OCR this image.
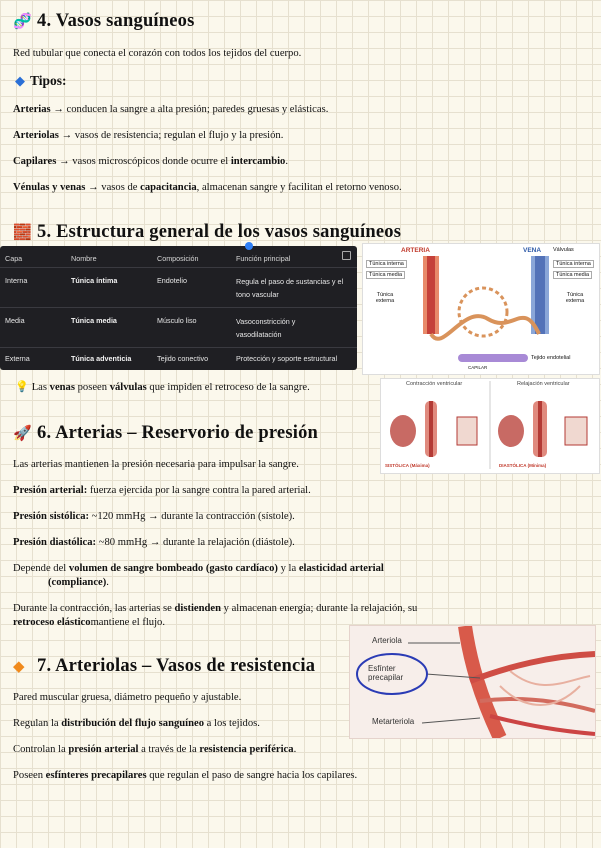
🧬 4. Vasos sanguíneos

Red tubular que conecta el corazón con todos los tejidos del cuerpo.

◆ Tipos:

Arterias → conducen la sangre a alta presión; paredes gruesas y elásticas.

Arteriolas → vasos de resistencia; regulan el flujo y la presión.

Capilares → vasos microscópicos donde ocurre el intercambio.

Vénulas y venas → vasos de capacitancia, almacenan sangre y facilitan el retorno venoso.

🧱 5. Estructura general de los vasos sanguíneos
Capa	Nombre	Composición	Función principal
Interna	Túnica íntima	Endotelio	Regula el paso de sustancias y el tono vascular
Media	Túnica media	Músculo liso	Vasoconstricción y vasodilatación
Externa	Túnica adventicia	Tejido conectivo	Protección y soporte estructural
ARTERIA	VENA Válvulas
Túnica interna
Túnica media
Túnica externa
Túnica interna
Túnica media
Túnica externa
CAPILAR
Tejido endotelial

💡 Las venas poseen válvulas que impiden el retroceso de la sangre.	Contracción ventricular	Relajación ventricular
SISTÓLICA (Máxima)	DIASTÓLICA (Mínima)
🚀 6. Arterias – Reservorio de presión

Las arterias mantienen la presión necesaria para impulsar la sangre.

Presión arterial: fuerza ejercida por la sangre contra la pared arterial.

Presión sistólica: ~120 mmHg → durante la contracción (sístole).

Presión diastólica: ~80 mmHg → durante la relajación (diástole).

Depende del volumen de sangre bombeado (gasto cardíaco) y la elasticidad arterial
(compliance).

Durante la contracción, las arterias se distienden y almacenan energía; durante la relajación, su
retroceso elásticomantiene el flujo.

Arteriola
Esfínter precapilar
Metarteriola
◆ 7. Arteriolas – Vasos de resistencia

Pared muscular gruesa, diámetro pequeño y ajustable.

Regulan la distribución del flujo sanguíneo a los tejidos.

Controlan la presión arterial a través de la resistencia periférica.

Poseen esfínteres precapilares que regulan el paso de sangre hacia los capilares.
